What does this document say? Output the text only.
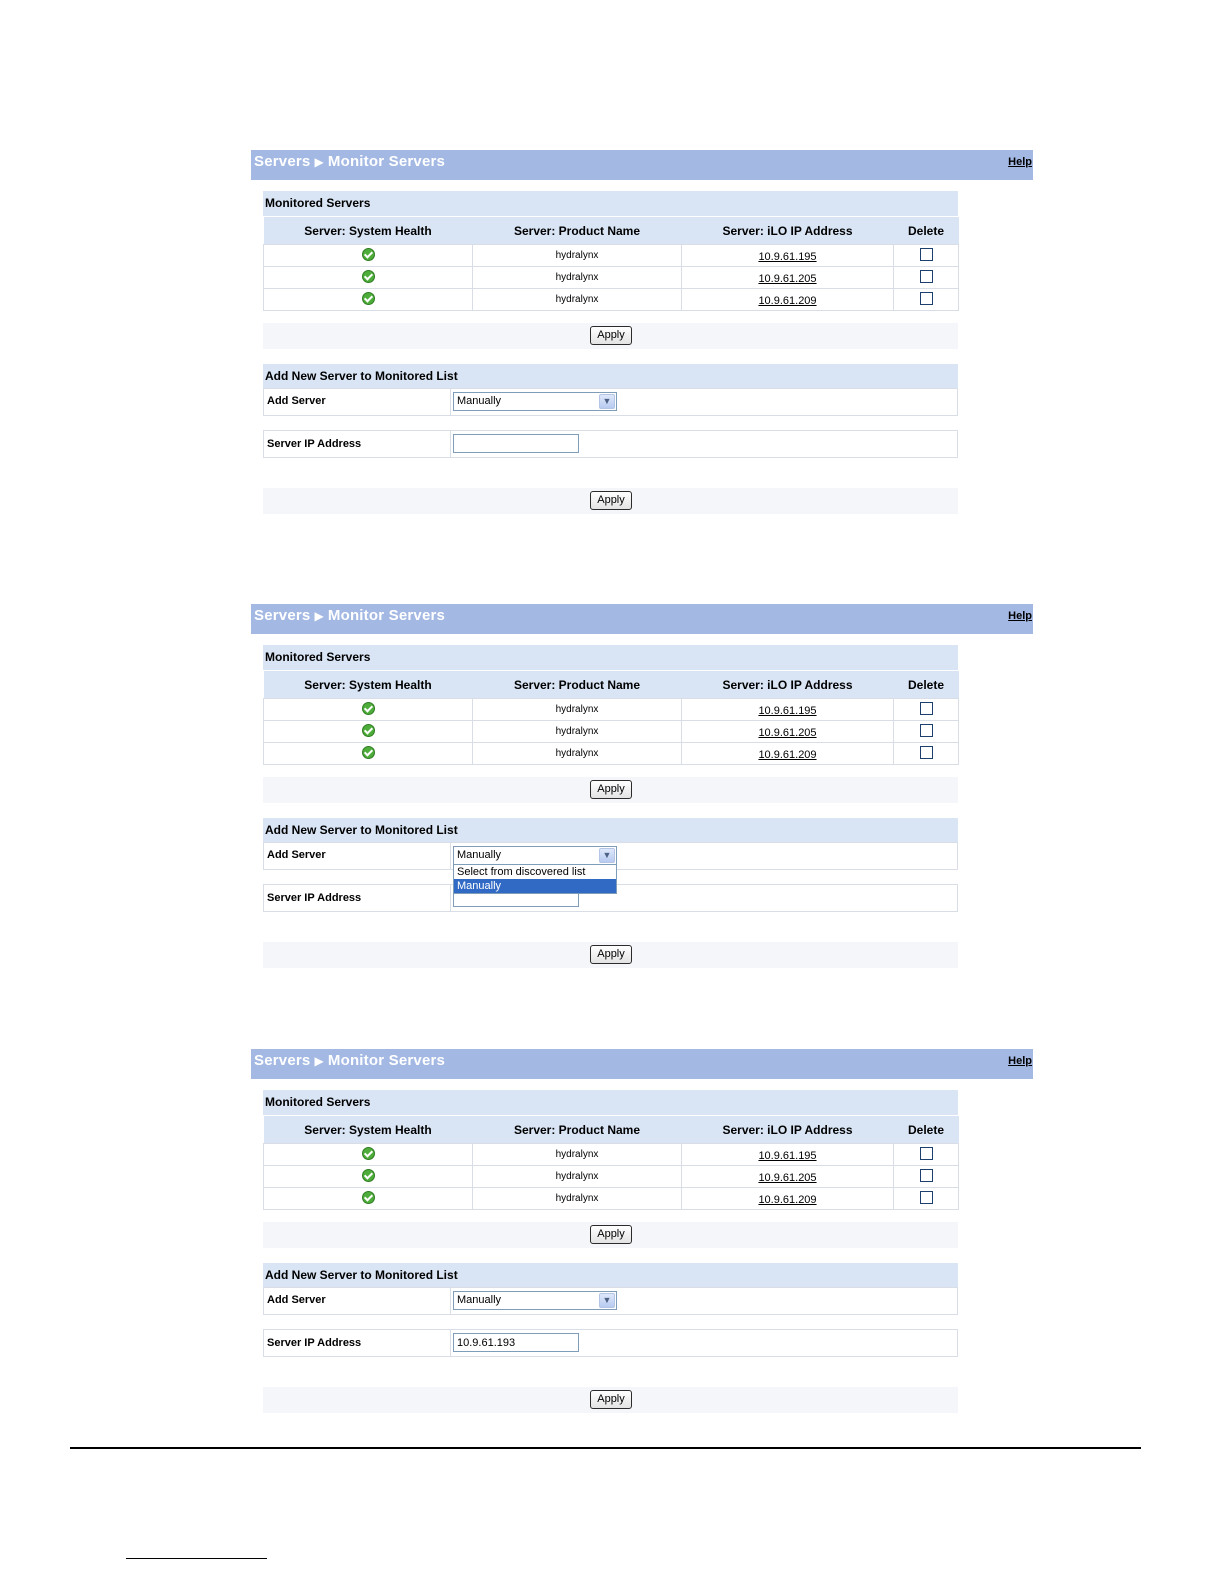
Servers ▶ Monitor Servers	Help
Monitored Servers
Server: System Health	Server: Product Name	Server: iLO IP Address	Delete
	hydralynx	10.9.61.195	
	hydralynx	10.9.61.205	
	hydralynx	10.9.61.209	
Apply
Add New Server to Monitored List
Add Server	Manually	▼
Server IP Address
Apply
Servers ▶ Monitor Servers	Help
Monitored Servers
Server: System Health	Server: Product Name	Server: iLO IP Address	Delete
	hydralynx	10.9.61.195	
	hydralynx	10.9.61.205	
	hydralynx	10.9.61.209	
Apply
Add New Server to Monitored List
Add Server	Manually	▼
Server IP Address
Select from discovered list
Manually
Apply
Servers ▶ Monitor Servers	Help
Monitored Servers
Server: System Health	Server: Product Name	Server: iLO IP Address	Delete
	hydralynx	10.9.61.195	
	hydralynx	10.9.61.205	
	hydralynx	10.9.61.209	
Apply
Add New Server to Monitored List
Add Server	Manually	▼
Server IP Address
10.9.61.193
Apply
